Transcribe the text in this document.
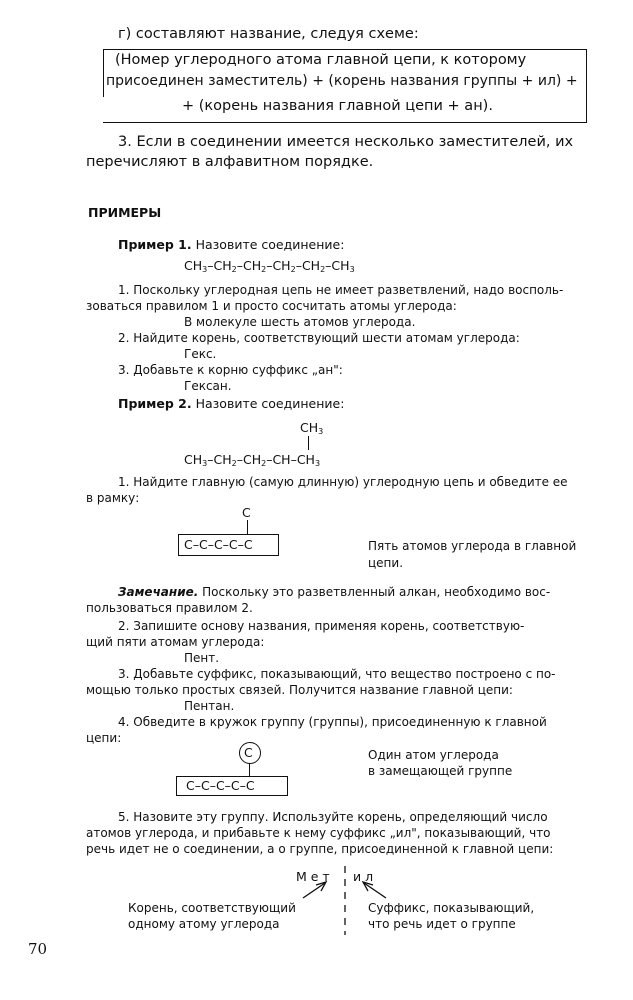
г) составляют название, следуя схеме:
(Номер углеродного атома главной цепи, к которому
присоединен заместитель) + (корень названия группы + ил) +
+ (корень названия главной цепи + ан).
3. Если в соединении имеется несколько заместителей, их
перечисляют в алфавитном порядке.
ПРИМЕРЫ
Пример 1. Назовите соединение:
$CH_3-CH_2-CH_2-CH_2-CH_2-CH_3$
1. Поскольку углеродная цепь не имеет разветвлений, надо восполь-
зоваться правилом 1 и просто сосчитать атомы углерода:
В молекуле шесть атомов углерода.
2. Найдите корень, соответствующий шести атомам углерода:
Гекс.
3. Добавьте к корню суффикс „ан":
Гексан.
Пример 2. Назовите соединение:
$CH_3$
$CH_3-CH_2-CH_2-CH-CH_3$
1. Найдите главную (самую длинную) углеродную цепь и обведите ее
в рамку:
C
C–C–C–C–C	Пять атомов углерода в главной
цепи.
Замечание. Поскольку это разветвленный алкан, необходимо вос-
пользоваться правилом 2.
2. Запишите основу названия, применяя корень, соответствую-
щий пяти атомам углерода:
Пент.
3. Добавьте суффикс, показывающий, что вещество построено с по-
мощью только простых связей. Получится название главной цепи:
Пентан.
4. Обведите в кружок группу (группы), присоединенную к главной
цепи:
C
C–C–C–C–C
Один атом углерода
в замещающей группе
5. Назовите эту группу. Используйте корень, определяющий число
атомов углерода, и прибавьте к нему суффикс „ил", показывающий, что
речь идет не о соединении, а о группе, присоединенной к главной цепи:
М е т и л
Корень, соответствующий
одному атому углерода
Суффикс, показывающий,
что речь идет о группе
70
